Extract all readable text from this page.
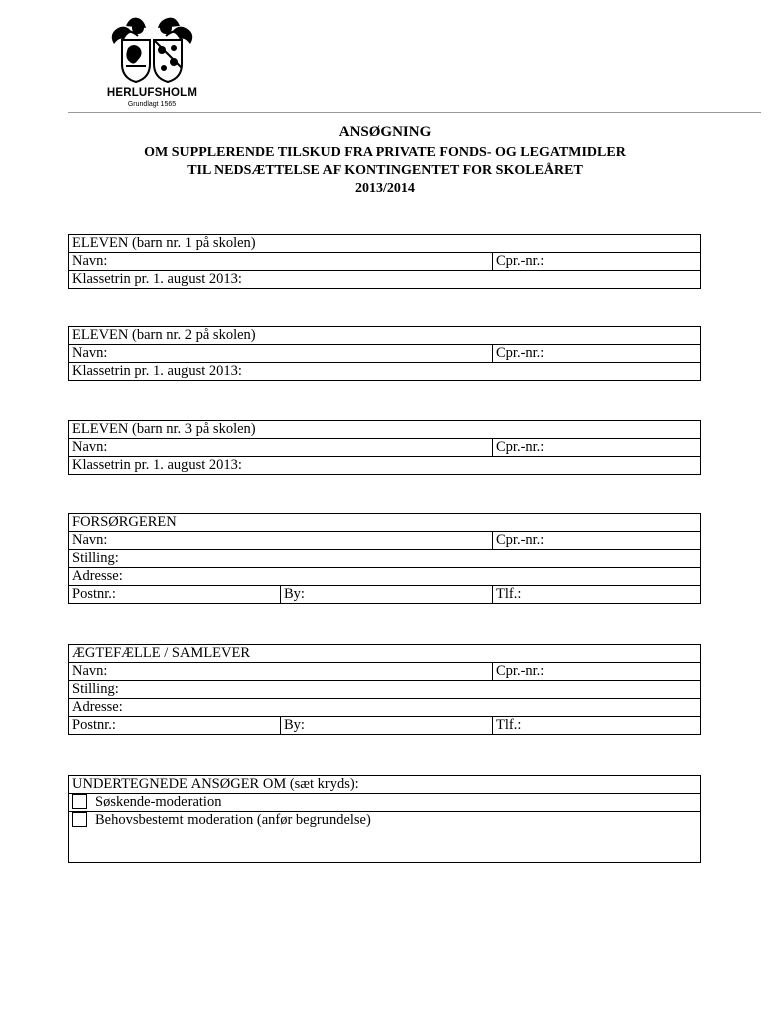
HERLUFSHOLM
Grundlagt 1565
ANSØGNING
OM SUPPLERENDE TILSKUD FRA PRIVATE FONDS- OG LEGATMIDLER
TIL NEDSÆTTELSE AF KONTINGENTET FOR SKOLEÅRET
2013/2014
ELEVEN (barn nr. 1 på skolen)
Navn:	Cpr.-nr.:
Klassetrin pr. 1. august 2013:
ELEVEN (barn nr. 2 på skolen)
Navn:	Cpr.-nr.:
Klassetrin pr. 1. august 2013:
ELEVEN (barn nr. 3 på skolen)
Navn:	Cpr.-nr.:
Klassetrin pr. 1. august 2013:
FORSØRGEREN		
Navn:		Cpr.-nr.:
Stilling:		
Adresse:		
Postnr.:	By:	Tlf.:
ÆGTEFÆLLE / SAMLEVER		
Navn:		Cpr.-nr.:
Stilling:		
Adresse:		
Postnr.:	By:	Tlf.:
UNDERTEGNEDE ANSØGER OM (sæt kryds):
Søskende-moderation
Behovsbestemt moderation (anfør begrundelse)
